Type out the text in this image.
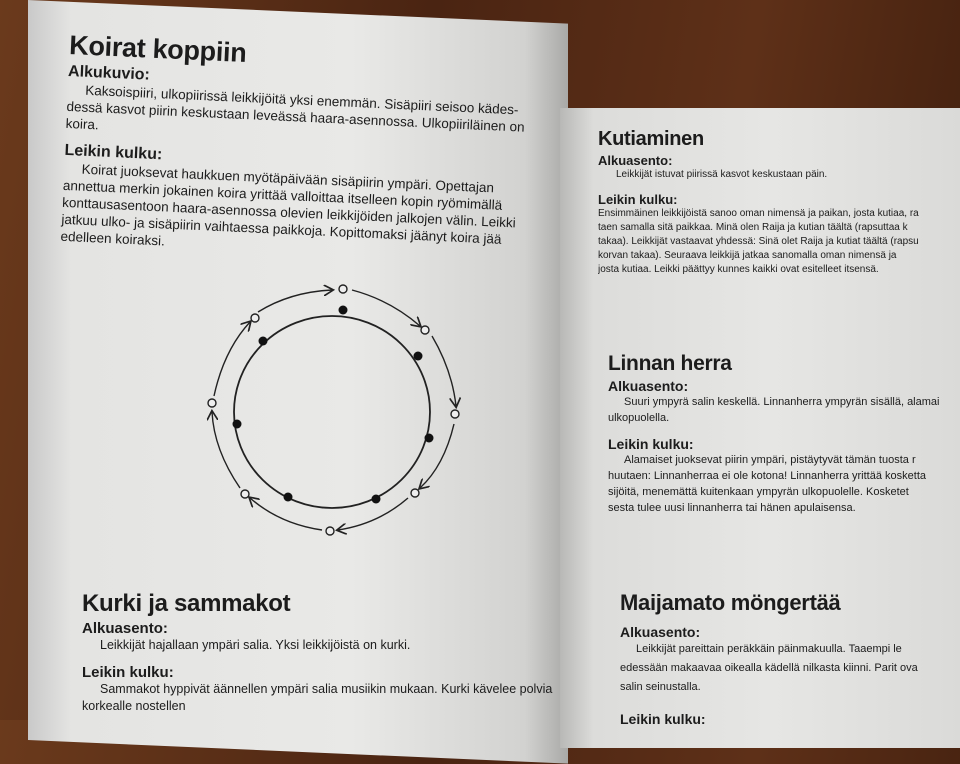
Koirat koppiin
Alkukuvio:

Kaksoispiiri, ulkopiirissä leikkijöitä yksi enemmän. Sisäpiiri seisoo kädes- dessä kasvot piirin keskustaan leveässä haara-asennossa. Ulkopiiriläinen on koira.

Leikin kulku:

Koirat juoksevat haukkuen myötäpäivään sisäpiirin ympäri. Opettajan annettua merkin jokainen koira yrittää valloittaa itselleen kopin ryömimällä konttausasentoon haara-asennossa olevien leikkijöiden jalkojen välin. Leikki jatkuu ulko- ja sisäpiirin vaihtaessa paikkoja. Kopittomaksi jäänyt koira jää edelleen koiraksi.

Kurki ja sammakot
Alkuasento:

Leikkijät hajallaan ympäri salia. Yksi leikkijöistä on kurki.

Leikin kulku:

Sammakot hyppivät äännellen ympäri salia musiikin mukaan. Kurki kävelee polvia korkealle nostellen

Kutiaminen
Alkuasento:

Leikkijät istuvat piirissä kasvot keskustaan päin.

Leikin kulku:

Ensimmäinen leikkijöistä sanoo oman nimensä ja paikan, josta kutiaa, ra
taen samalla sitä paikkaa. Minä olen Raija ja kutian täältä (rapsuttaa k
takaa). Leikkijät vastaavat yhdessä: Sinä olet Raija ja kutiat täältä (rapsu
korvan takaa). Seuraava leikkijä jatkaa sanomalla oman nimensä ja
josta kutiaa. Leikki päättyy kunnes kaikki ovat esitelleet itsensä.

Linnan herra
Alkuasento:

Suuri ympyrä salin keskellä. Linnanherra ympyrän sisällä, alamai
ulkopuolella.

Leikin kulku:

Alamaiset juoksevat piirin ympäri, pistäytyvät tämän tuosta r
huutaen: Linnanherraa ei ole kotona! Linnanherra yrittää kosketta
sijöitä, menemättä kuitenkaan ympyrän ulkopuolelle. Kosketet
sesta tulee uusi linnanherra tai hänen apulaisensa.

Maijamato möngertää
Alkuasento:

Leikkijät pareittain peräkkäin päinmakuulla. Taaempi le
edessään makaavaa oikealla kädellä nilkasta kiinni. Parit ova
salin seinustalla.

Leikin kulku:
